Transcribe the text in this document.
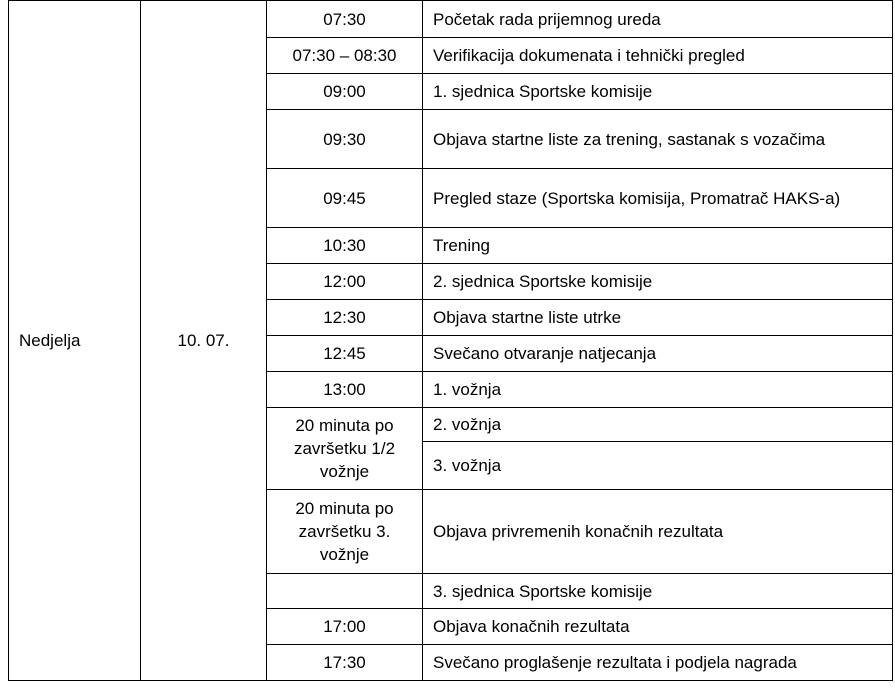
Nedjelja	10. 07.	07:30	Početak rada prijemnog ureda
		07:30 – 08:30	Verifikacija dokumenata i tehnički pregled
		09:00	1. sjednica Sportske komisije
		09:30	Objava startne liste za trening, sastanak s vozačima
		09:45	Pregled staze (Sportska komisija, Promatrač HAKS-a)
		10:30	Trening
		12:00	2. sjednica Sportske komisije
		12:30	Objava startne liste utrke
		12:45	Svečano otvaranje natjecanja
		13:00	1. vožnja
		20 minuta po završetku 1/2 vožnje	2. vožnja
			3. vožnja
		20 minuta po završetku 3. vožnje	Objava privremenih konačnih rezultata
			3. sjednica Sportske komisije
		17:00	Objava konačnih rezultata
		17:30	Svečano proglašenje rezultata i podjela nagrada
